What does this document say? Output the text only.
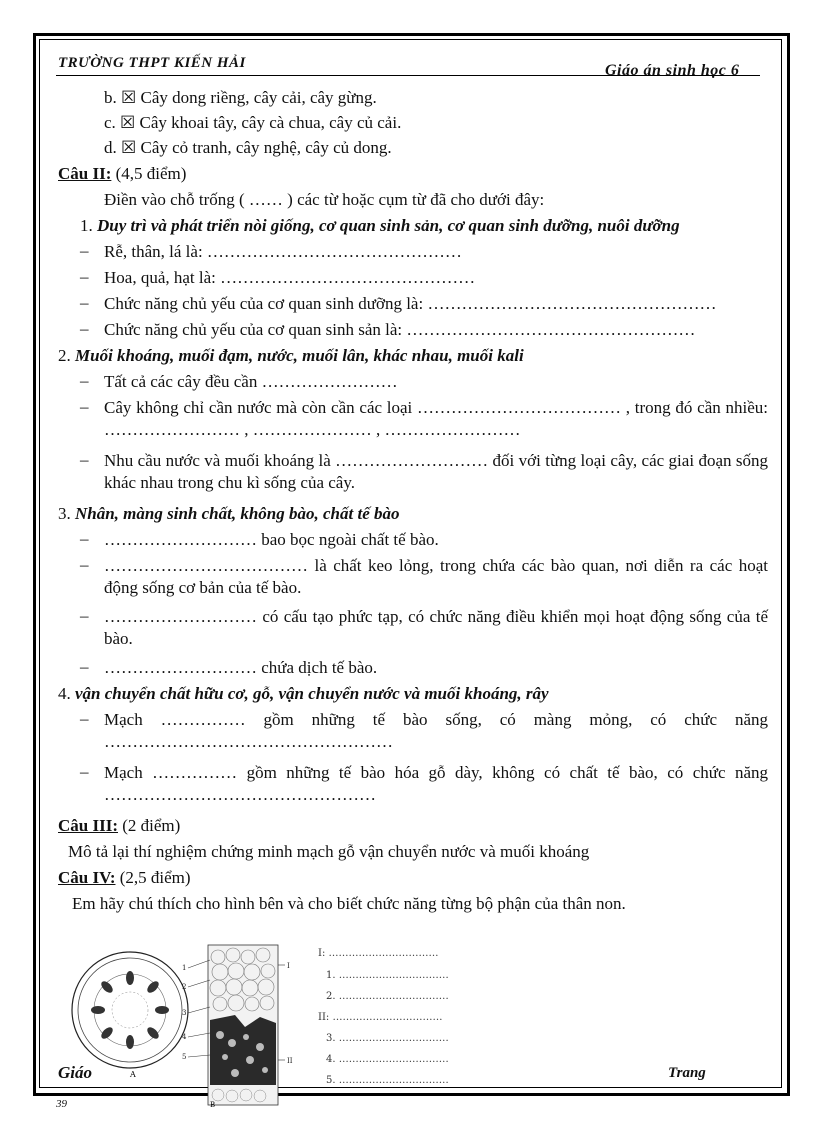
TRƯỜNG THPT KIẾN HẢI	Giáo án sinh học 6
b. ☒ Cây dong riềng, cây cải, cây gừng.
c. ☒ Cây khoai tây, cây cà chua, cây củ cải.
d. ☒ Cây cỏ tranh, cây nghệ, cây củ dong.
Câu II: (4,5 điểm)
Điền vào chỗ trống ( …… ) các từ hoặc cụm từ đã cho dưới đây:
1. Duy trì và phát triển nòi giống, cơ quan sinh sản, cơ quan sinh dưỡng, nuôi dưỡng
– Rễ, thân, lá là: ………………………………………
– Hoa, quả, hạt là: ………………………………………
– Chức năng chủ yếu của cơ quan sinh dưỡng là: ……………………………………………
– Chức năng chủ yếu của cơ quan sinh sản là: ……………………………………………
2. Muối khoáng, muối đạm, nước, muối lân, khác nhau, muối kali
– Tất cả các cây đều cần ……………………
– Cây không chỉ cần nước mà còn cần các loại ……………………………… , trong đó cần nhiều: …………………… , ………………… , ……………………
– Nhu cầu nước và muối khoáng là ……………………… đối với từng loại cây, các giai đoạn sống khác nhau trong chu kì sống của cây.
3. Nhân, màng sinh chất, không bào, chất tế bào
– ……………………… bao bọc ngoài chất tế bào.
– ……………………………… là chất keo lỏng, trong chứa các bào quan, nơi diễn ra các hoạt động sống cơ bản của tế bào.
– ……………………… có cấu tạo phức tạp, có chức năng điều khiển mọi hoạt động sống của tế bào.
– ……………………… chứa dịch tế bào.
4. vận chuyển chất hữu cơ, gỗ, vận chuyển nước và muối khoáng, rây
– Mạch …………… gồm những tế bào sống, có màng mỏng, có chức năng ……………………………………………
– Mạch …………… gồm những tế bào hóa gỗ dày, không có chất tế bào, có chức năng …………………………………………
Câu III: (2 điểm)
Mô tả lại thí nghiệm chứng minh mạch gỗ vận chuyển nước và muối khoáng
Câu IV: (2,5 điểm)
Em hãy chú thích cho hình bên và cho biết chức năng từng bộ phận của thân non.
A
1
2
3
4
5
I
II
B
I: ……………………………
1. ……………………………
2. ……………………………
II: ……………………………
3. ……………………………
4. ……………………………
5. ……………………………
Giáo	Trang
39
